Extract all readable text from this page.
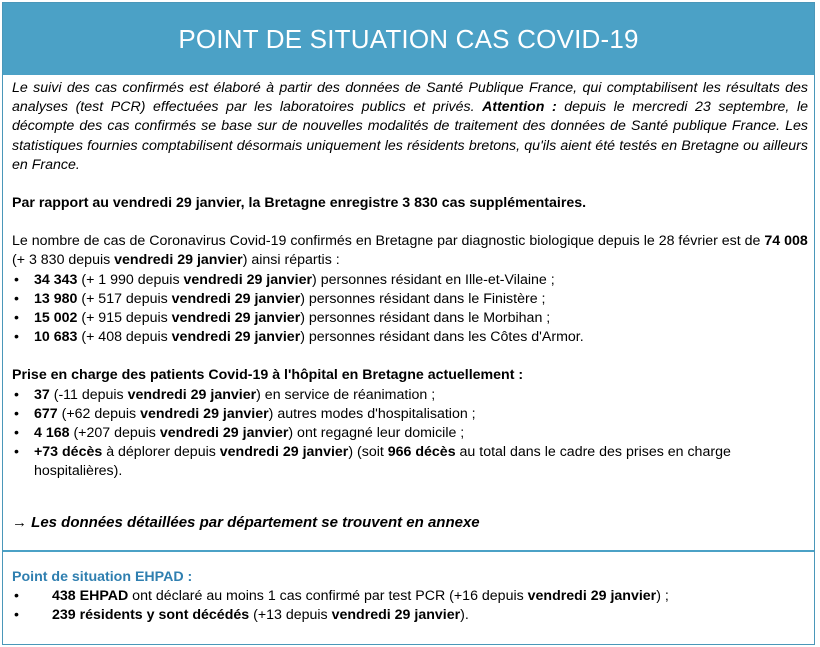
POINT DE SITUATION CAS COVID-19

Le suivi des cas confirmés est élaboré à partir des données de Santé Publique France, qui comptabilisent les résultats des analyses (test PCR) effectuées par les laboratoires publics et privés. Attention : depuis le mercredi 23 septembre, le décompte des cas confirmés se base sur de nouvelles modalités de traitement des données de Santé publique France. Les statistiques fournies comptabilisent désormais uniquement les résidents bretons, qu'ils aient été testés en Bretagne ou ailleurs en France.

Par rapport au vendredi 29 janvier, la Bretagne enregistre 3 830 cas supplémentaires.

Le nombre de cas de Coronavirus Covid-19 confirmés en Bretagne par diagnostic biologique depuis le 28 février est de 74 008 (+ 3 830 depuis vendredi 29 janvier) ainsi répartis :

• 34 343 (+ 1 990 depuis vendredi 29 janvier) personnes résidant en Ille-et-Vilaine ;
• 13 980 (+ 517 depuis vendredi 29 janvier) personnes résidant dans le Finistère ;
• 15 002 (+ 915 depuis vendredi 29 janvier) personnes résidant dans le Morbihan ;
• 10 683 (+ 408 depuis vendredi 29 janvier) personnes résidant dans les Côtes d'Armor.

Prise en charge des patients Covid-19 à l'hôpital en Bretagne actuellement :

• 37 (-11 depuis vendredi 29 janvier) en service de réanimation ;
• 677 (+62 depuis vendredi 29 janvier) autres modes d'hospitalisation ;
• 4 168 (+207 depuis vendredi 29 janvier) ont regagné leur domicile ;
• +73 décès à déplorer depuis vendredi 29 janvier) (soit 966 décès au total dans le cadre des prises en charge hospitalières).

→ Les données détaillées par département se trouvent en annexe

Point de situation EHPAD :

• 438 EHPAD ont déclaré au moins 1 cas confirmé par test PCR (+16 depuis vendredi 29 janvier) ;
• 239 résidents y sont décédés (+13 depuis vendredi 29 janvier).
